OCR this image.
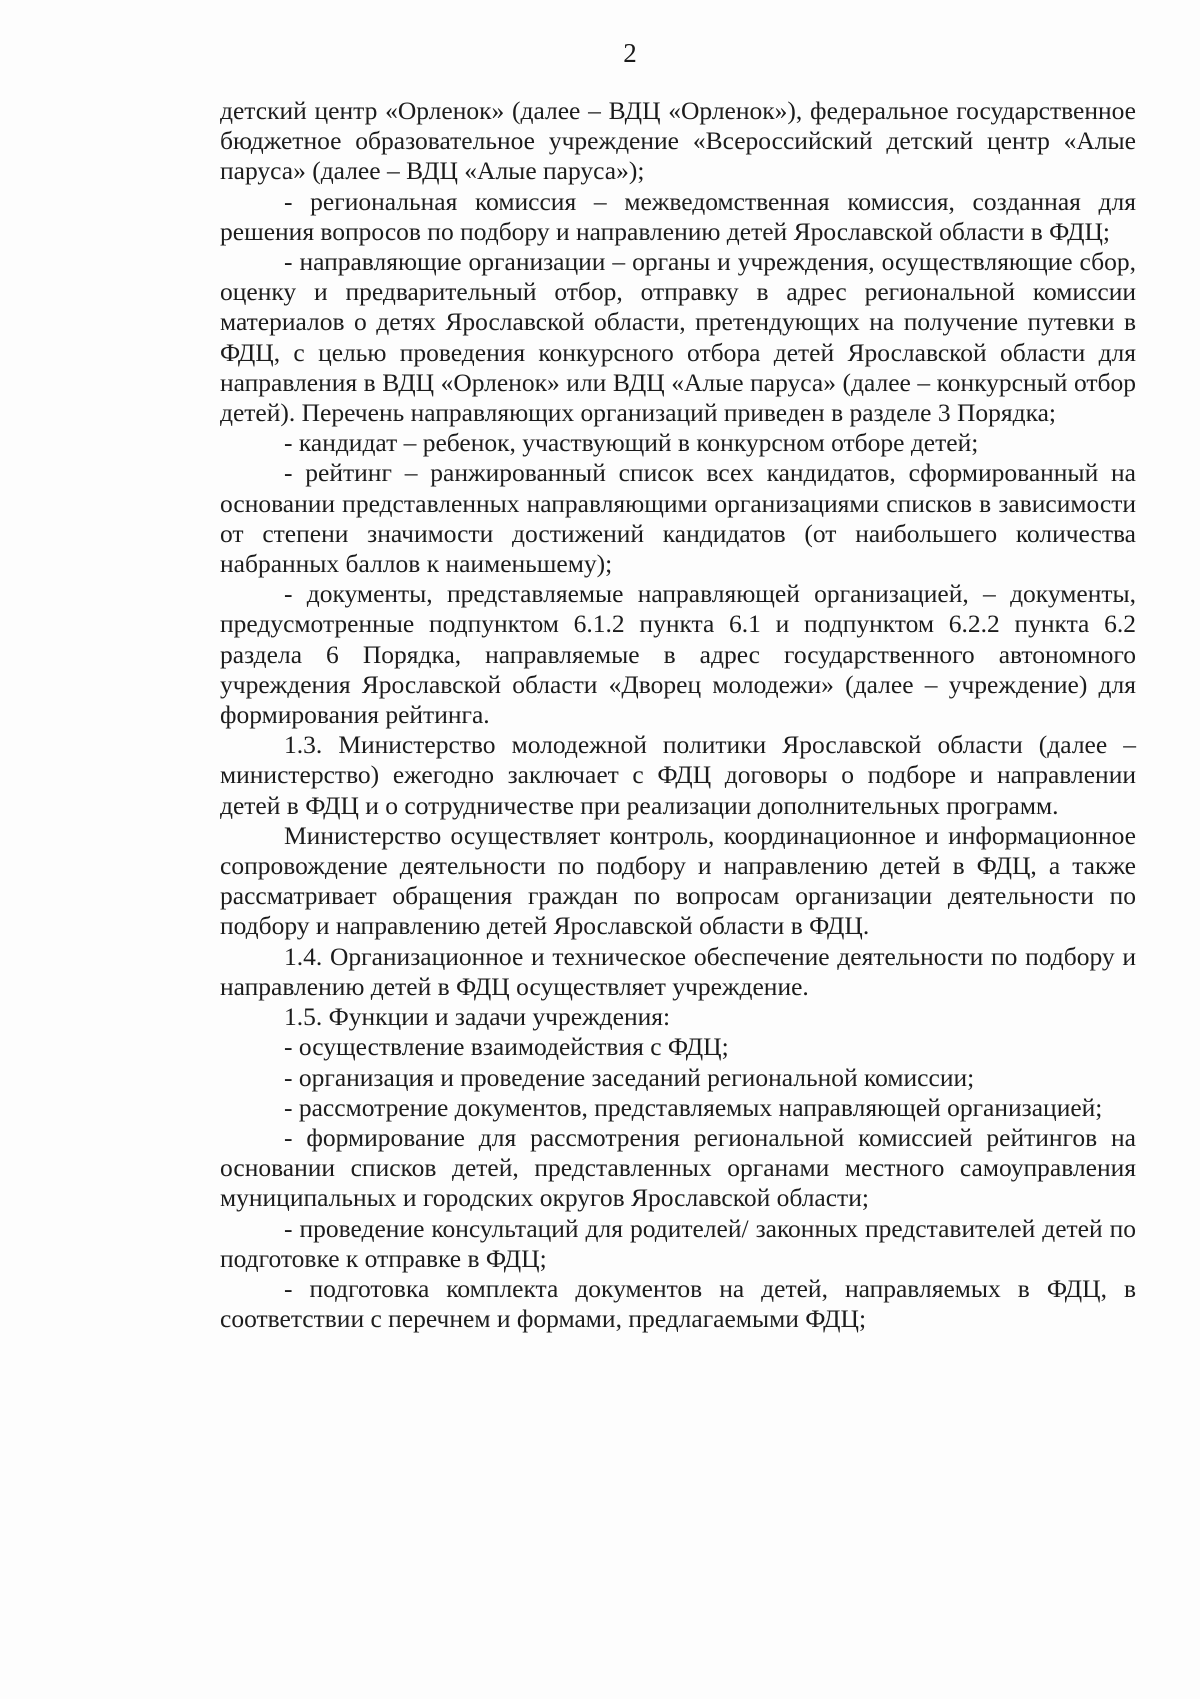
2

детский центр «Орленок» (далее – ВДЦ «Орленок»), федеральное государственное бюджетное образовательное учреждение «Всероссийский детский центр «Алые паруса» (далее – ВДЦ «Алые паруса»);

- региональная комиссия – межведомственная комиссия, созданная для решения вопросов по подбору и направлению детей Ярославской области в ФДЦ;

- направляющие организации – органы и учреждения, осуществляющие сбор, оценку и предварительный отбор, отправку в адрес региональной комиссии материалов о детях Ярославской области, претендующих на получение путевки в ФДЦ, с целью проведения конкурсного отбора детей Ярославской области для направления в ВДЦ «Орленок» или ВДЦ «Алые паруса» (далее – конкурсный отбор детей). Перечень направляющих организаций приведен в разделе 3 Порядка;

- кандидат – ребенок, участвующий в конкурсном отборе детей;

- рейтинг – ранжированный список всех кандидатов, сформированный на основании представленных направляющими организациями списков в зависимости от степени значимости достижений кандидатов (от наибольшего количества набранных баллов к наименьшему);

- документы, представляемые направляющей организацией, – документы, предусмотренные подпунктом 6.1.2 пункта 6.1 и подпунктом 6.2.2 пункта 6.2 раздела 6 Порядка, направляемые в адрес государственного автономного учреждения Ярославской области «Дворец молодежи» (далее – учреждение) для формирования рейтинга.

1.3. Министерство молодежной политики Ярославской области (далее – министерство) ежегодно заключает с ФДЦ договоры о подборе и направлении детей в ФДЦ и о сотрудничестве при реализации дополнительных программ.

Министерство осуществляет контроль, координационное и информационное сопровождение деятельности по подбору и направлению детей в ФДЦ, а также рассматривает обращения граждан по вопросам организации деятельности по подбору и направлению детей Ярославской области в ФДЦ.

1.4. Организационное и техническое обеспечение деятельности по подбору и направлению детей в ФДЦ осуществляет учреждение.

1.5. Функции и задачи учреждения:

- осуществление взаимодействия с ФДЦ;

- организация и проведение заседаний региональной комиссии;

- рассмотрение документов, представляемых направляющей организацией;

- формирование для рассмотрения региональной комиссией рейтингов на основании списков детей, представленных органами местного самоуправления муниципальных и городских округов Ярославской области;

- проведение консультаций для родителей/ законных представителей детей по подготовке к отправке в ФДЦ;

- подготовка комплекта документов на детей, направляемых в ФДЦ, в соответствии с перечнем и формами, предлагаемыми ФДЦ;
